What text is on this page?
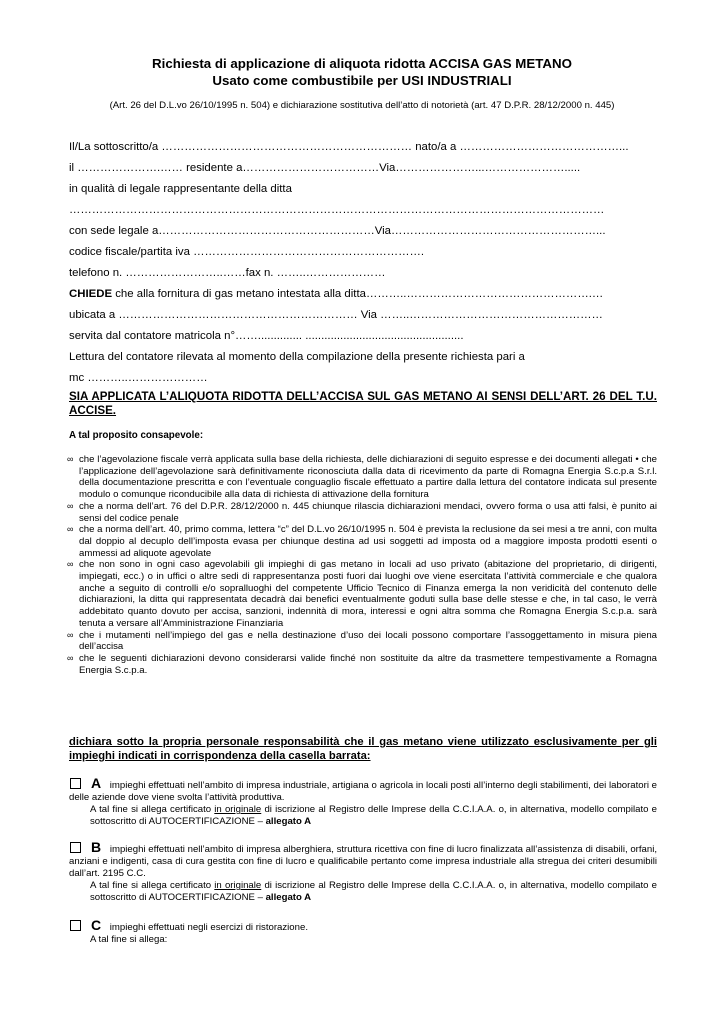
Richiesta di applicazione di aliquota ridotta ACCISA GAS METANO
Usato come combustibile per USI INDUSTRIALI
(Art. 26 del D.L.vo 26/10/1995 n. 504) e dichiarazione sostitutiva dell’atto di notorietà (art. 47 D.P.R. 28/12/2000 n. 445)
Il/La sottoscritto/a ………………………………………………………… nato/a a ……………………………………...
il ………………….…… residente a………………………………Via…………………...………………….....
in qualità di legale rappresentante della ditta
……………………………………………………………………………………………………………………………
con sede legale a…………………………………………………Via………………………………………………...
codice fiscale/partita iva …………………………………………………….
telefono n. ……………………..……fax n. ……..…………………
CHIEDE che alla fornitura di gas metano intestata alla ditta………..………………………………………….…
ubicata a ……………………………………………………… Via ……..……………………………………………
servita dal contatore matricola n°…….............. ..................................................
Lettura del contatore rilevata al momento della compilazione della presente richiesta pari a
mc ………..…………………
SIA APPLICATA L’ALIQUOTA RIDOTTA DELL’ACCISA SUL GAS METANO AI SENSI DELL’ART. 26 DEL T.U. ACCISE.
A tal proposito consapevole:
∞ che l’agevolazione fiscale verrà applicata sulla base della richiesta, delle dichiarazioni di seguito espresse e dei documenti allegati • che l’applicazione dell’agevolazione sarà definitivamente riconosciuta dalla data di ricevimento da parte di Romagna Energia S.c.p.a S.r.l. della documentazione prescritta e con l’eventuale conguaglio fiscale effettuato a partire dalla lettura del contatore indicata sul presente modulo o comunque riconducibile alla data di richiesta di attivazione della fornitura
∞ che a norma dell’art. 76 del D.P.R. 28/12/2000 n. 445 chiunque rilascia dichiarazioni mendaci, ovvero forma o usa atti falsi, è punito ai sensi del codice penale
∞ che a norma dell’art. 40, primo comma, lettera “c” del D.L.vo 26/10/1995 n. 504 è prevista la reclusione da sei mesi a tre anni, con multa dal doppio al decuplo dell’imposta evasa per chiunque destina ad usi soggetti ad imposta od a maggiore imposta prodotti esenti o ammessi ad aliquote agevolate
∞ che non sono in ogni caso agevolabili gli impieghi di gas metano in locali ad uso privato (abitazione del proprietario, di dirigenti, impiegati, ecc.) o in uffici o altre sedi di rappresentanza posti fuori dai luoghi ove viene esercitata l’attività commerciale e che qualora anche a seguito di controlli e/o sopralluoghi del competente Ufficio Tecnico di Finanza emerga la non veridicità del contenuto delle dichiarazioni, la ditta qui rappresentata decadrà dai benefici eventualmente goduti sulla base delle stesse e che, in tal caso, le verrà addebitato quanto dovuto per accisa, sanzioni, indennità di mora, interessi e ogni altra somma che Romagna Energia S.c.p.a. sarà tenuta a versare all’Amministrazione Finanziaria
∞ che i mutamenti nell’impiego del gas e nella destinazione d’uso dei locali possono comportare l’assoggettamento in misura piena dell’accisa
∞ che le seguenti dichiarazioni devono considerarsi valide finché non sostituite da altre da trasmettere tempestivamente a Romagna Energia S.c.p.a.
dichiara sotto la propria personale responsabilità che il gas metano viene utilizzato esclusivamente per gli impieghi indicati in corrispondenza della casella barrata:
A impieghi effettuati nell’ambito di impresa industriale, artigiana o agricola in locali posti all’interno degli stabilimenti, dei laboratori e delle aziende dove viene svolta l’attività produttiva.
A tal fine si allega certificato in originale di iscrizione al Registro delle Imprese della C.C.I.A.A. o, in alternativa, modello compilato e sottoscritto di AUTOCERTIFICAZIONE – allegato A
B impieghi effettuati nell’ambito di impresa alberghiera, struttura ricettiva con fine di lucro finalizzata all’assistenza di disabili, orfani, anziani e indigenti, casa di cura gestita con fine di lucro e qualificabile pertanto come impresa industriale alla stregua dei criteri desumibili dall’art. 2195 C.C.
A tal fine si allega certificato in originale di iscrizione al Registro delle Imprese della C.C.I.A.A. o, in alternativa, modello compilato e sottoscritto di AUTOCERTIFICAZIONE – allegato A
C impieghi effettuati negli esercizi di ristorazione.
A tal fine si allega:
